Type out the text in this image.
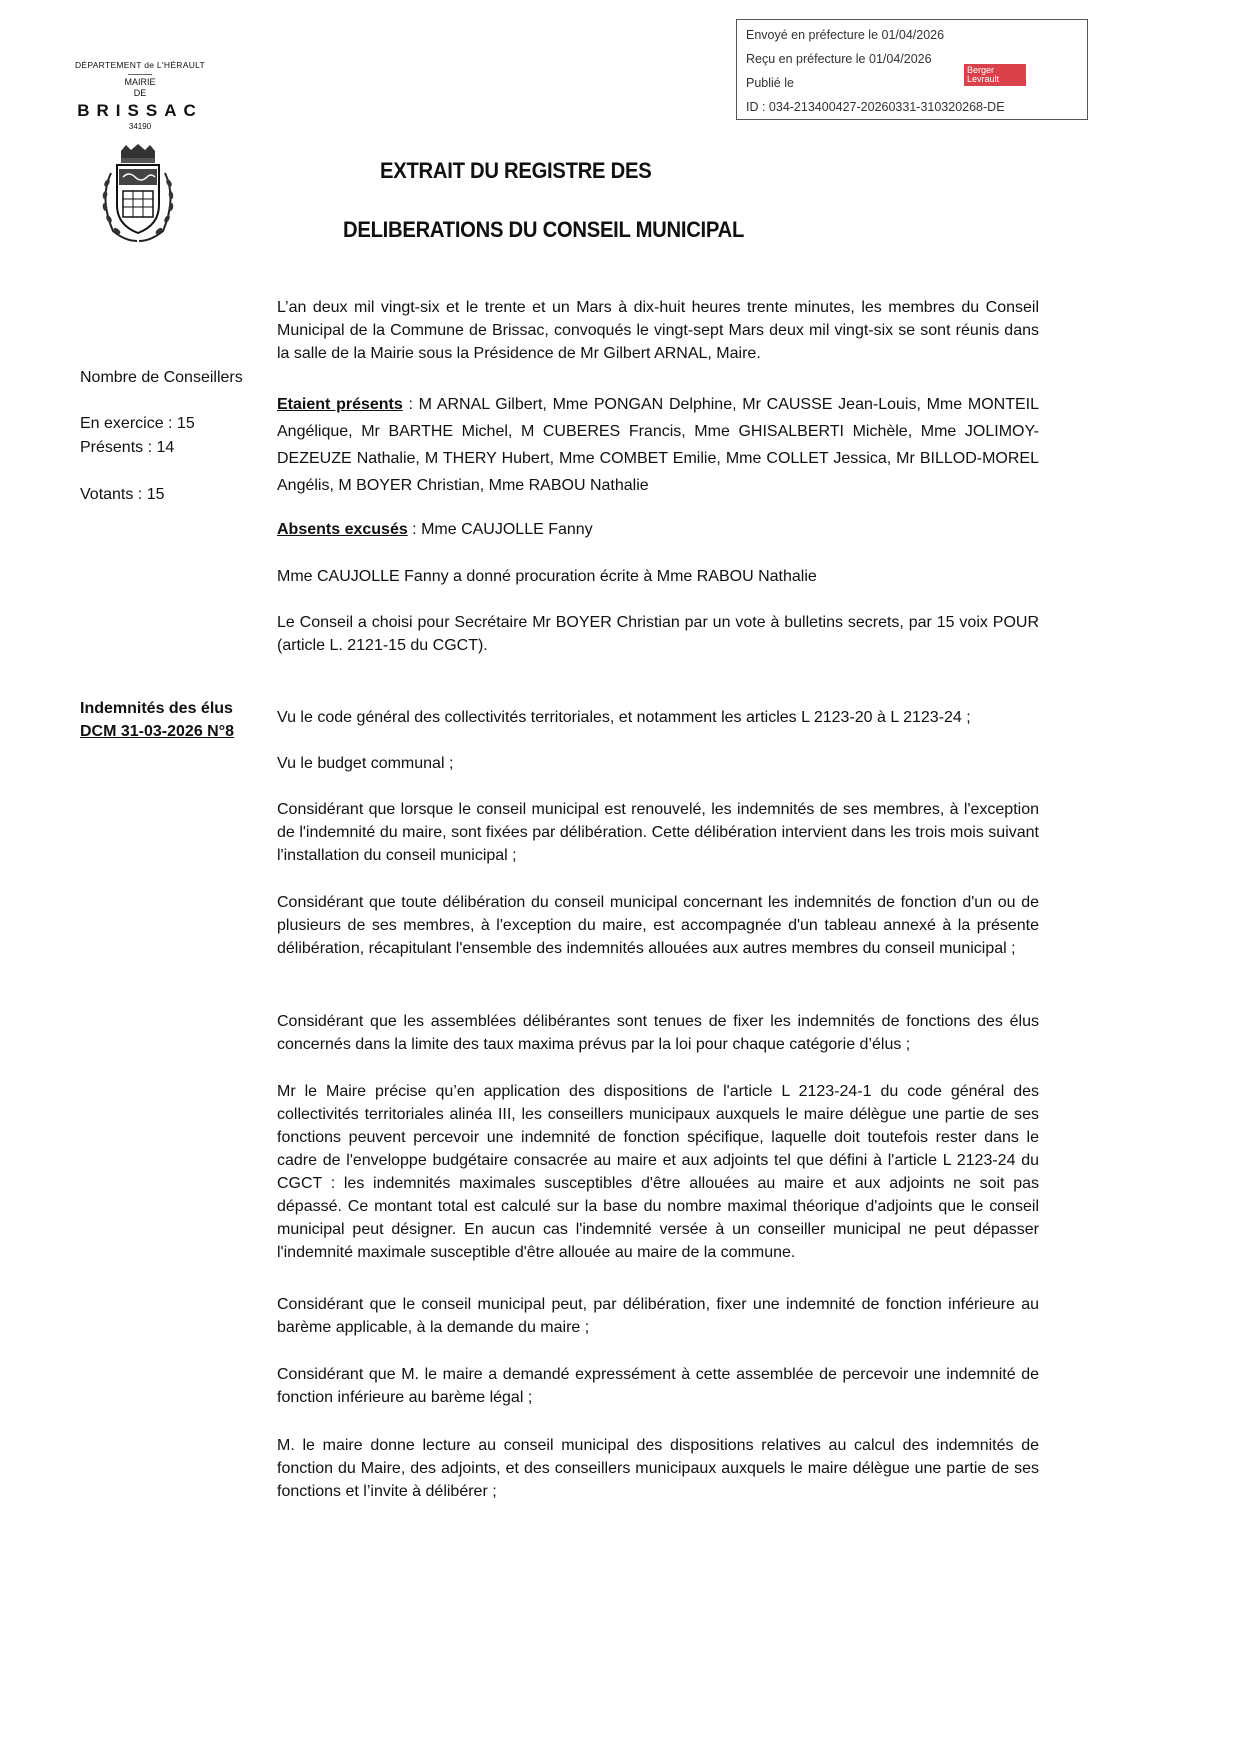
Envoyé en préfecture le 01/04/2026
Reçu en préfecture le 01/04/2026
Publié le
ID : 034-213400427-20260331-310320268-DE
Berger
Levrault
DÉPARTEMENT de L'HÉRAULT
MAIRIE
DE
BRISSAC
34190
EXTRAIT DU REGISTRE DES
DELIBERATIONS DU CONSEIL MUNICIPAL
Nombre de Conseillers
En exercice : 15
Présents : 14
Votants : 15
Indemnités des élus
DCM 31-03-2026 N°8
L’an deux mil vingt-six et le trente et un Mars à dix-huit heures trente minutes, les membres du Conseil Municipal de la Commune de Brissac, convoqués le vingt-sept Mars deux mil vingt-six se sont réunis dans la salle de la Mairie sous la Présidence de Mr Gilbert ARNAL, Maire.
Etaient présents : M ARNAL Gilbert, Mme PONGAN Delphine, Mr CAUSSE Jean-Louis, Mme MONTEIL Angélique, Mr BARTHE Michel, M CUBERES Francis, Mme GHISALBERTI Michèle, Mme JOLIMOY-DEZEUZE Nathalie, M THERY Hubert, Mme COMBET Emilie, Mme COLLET Jessica, Mr BILLOD-MOREL Angélis, M BOYER Christian, Mme RABOU Nathalie
Absents excusés : Mme CAUJOLLE Fanny
Mme CAUJOLLE Fanny a donné procuration écrite à Mme RABOU Nathalie
Le Conseil a choisi pour Secrétaire Mr BOYER Christian par un vote à bulletins secrets, par 15 voix POUR (article L. 2121-15 du CGCT).
Vu le code général des collectivités territoriales, et notamment les articles L 2123-20 à L 2123-24 ;
Vu le budget communal ;
Considérant que lorsque le conseil municipal est renouvelé, les indemnités de ses membres, à l'exception de l'indemnité du maire, sont fixées par délibération. Cette délibération intervient dans les trois mois suivant l'installation du conseil municipal ;
Considérant que toute délibération du conseil municipal concernant les indemnités de fonction d'un ou de plusieurs de ses membres, à l'exception du maire, est accompagnée d'un tableau annexé à la présente délibération, récapitulant l'ensemble des indemnités allouées aux autres membres du conseil municipal ;
Considérant que les assemblées délibérantes sont tenues de fixer les indemnités de fonctions des élus concernés dans la limite des taux maxima prévus par la loi pour chaque catégorie d’élus ;
Mr le Maire précise qu’en application des dispositions de l'article L 2123-24-1 du code général des collectivités territoriales alinéa III, les conseillers municipaux auxquels le maire délègue une partie de ses fonctions peuvent percevoir une indemnité de fonction spécifique, laquelle doit toutefois rester dans le cadre de l'enveloppe budgétaire consacrée au maire et aux adjoints tel que défini à l'article L 2123-24 du CGCT : les indemnités maximales susceptibles d'être allouées au maire et aux adjoints ne soit pas dépassé. Ce montant total est calculé sur la base du nombre maximal théorique d'adjoints que le conseil municipal peut désigner. En aucun cas l'indemnité versée à un conseiller municipal ne peut dépasser l'indemnité maximale susceptible d'être allouée au maire de la commune.
Considérant que le conseil municipal peut, par délibération, fixer une indemnité de fonction inférieure au barème applicable, à la demande du maire ;
Considérant que M. le maire a demandé expressément à cette assemblée de percevoir une indemnité de fonction inférieure au barème légal ;
M. le maire donne lecture au conseil municipal des dispositions relatives au calcul des indemnités de fonction du Maire, des adjoints, et des conseillers municipaux auxquels le maire délègue une partie de ses fonctions et l’invite à délibérer ;
